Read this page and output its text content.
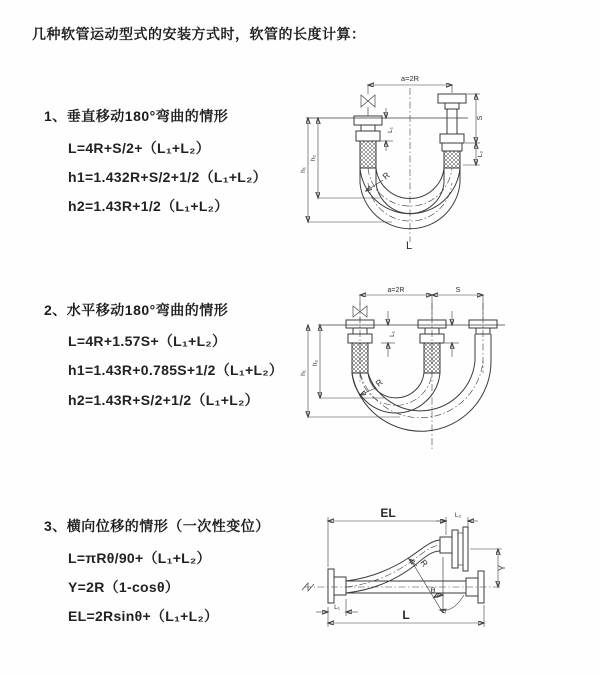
几种软管运动型式的安装方式时，软管的长度计算：
1、垂直移动180°弯曲的情形
L=4R+S/2+（L₁+L₂）
h1=1.432R+S/2+1/2（L₁+L₂）
h2=1.43R+1/2（L₁+L₂）
2、水平移动180°弯曲的情形
L=4R+1.57S+（L₁+L₂）
h1=1.43R+0.785S+1/2（L₁+L₂）
h2=1.43R+S/2+1/2（L₁+L₂）
3、横向位移的情形（一次性变位）
L=πRθ/90+（L₁+L₂）
Y=2R（1-cosθ）
EL=2Rsinθ+（L₁+L₂）
a=2R
L₁
S
L₂
h₁
h₂
R
L
a=2R	S
L₁
h₁
h₂
R
EL	L₂
Y
R
θ
L
L₁
